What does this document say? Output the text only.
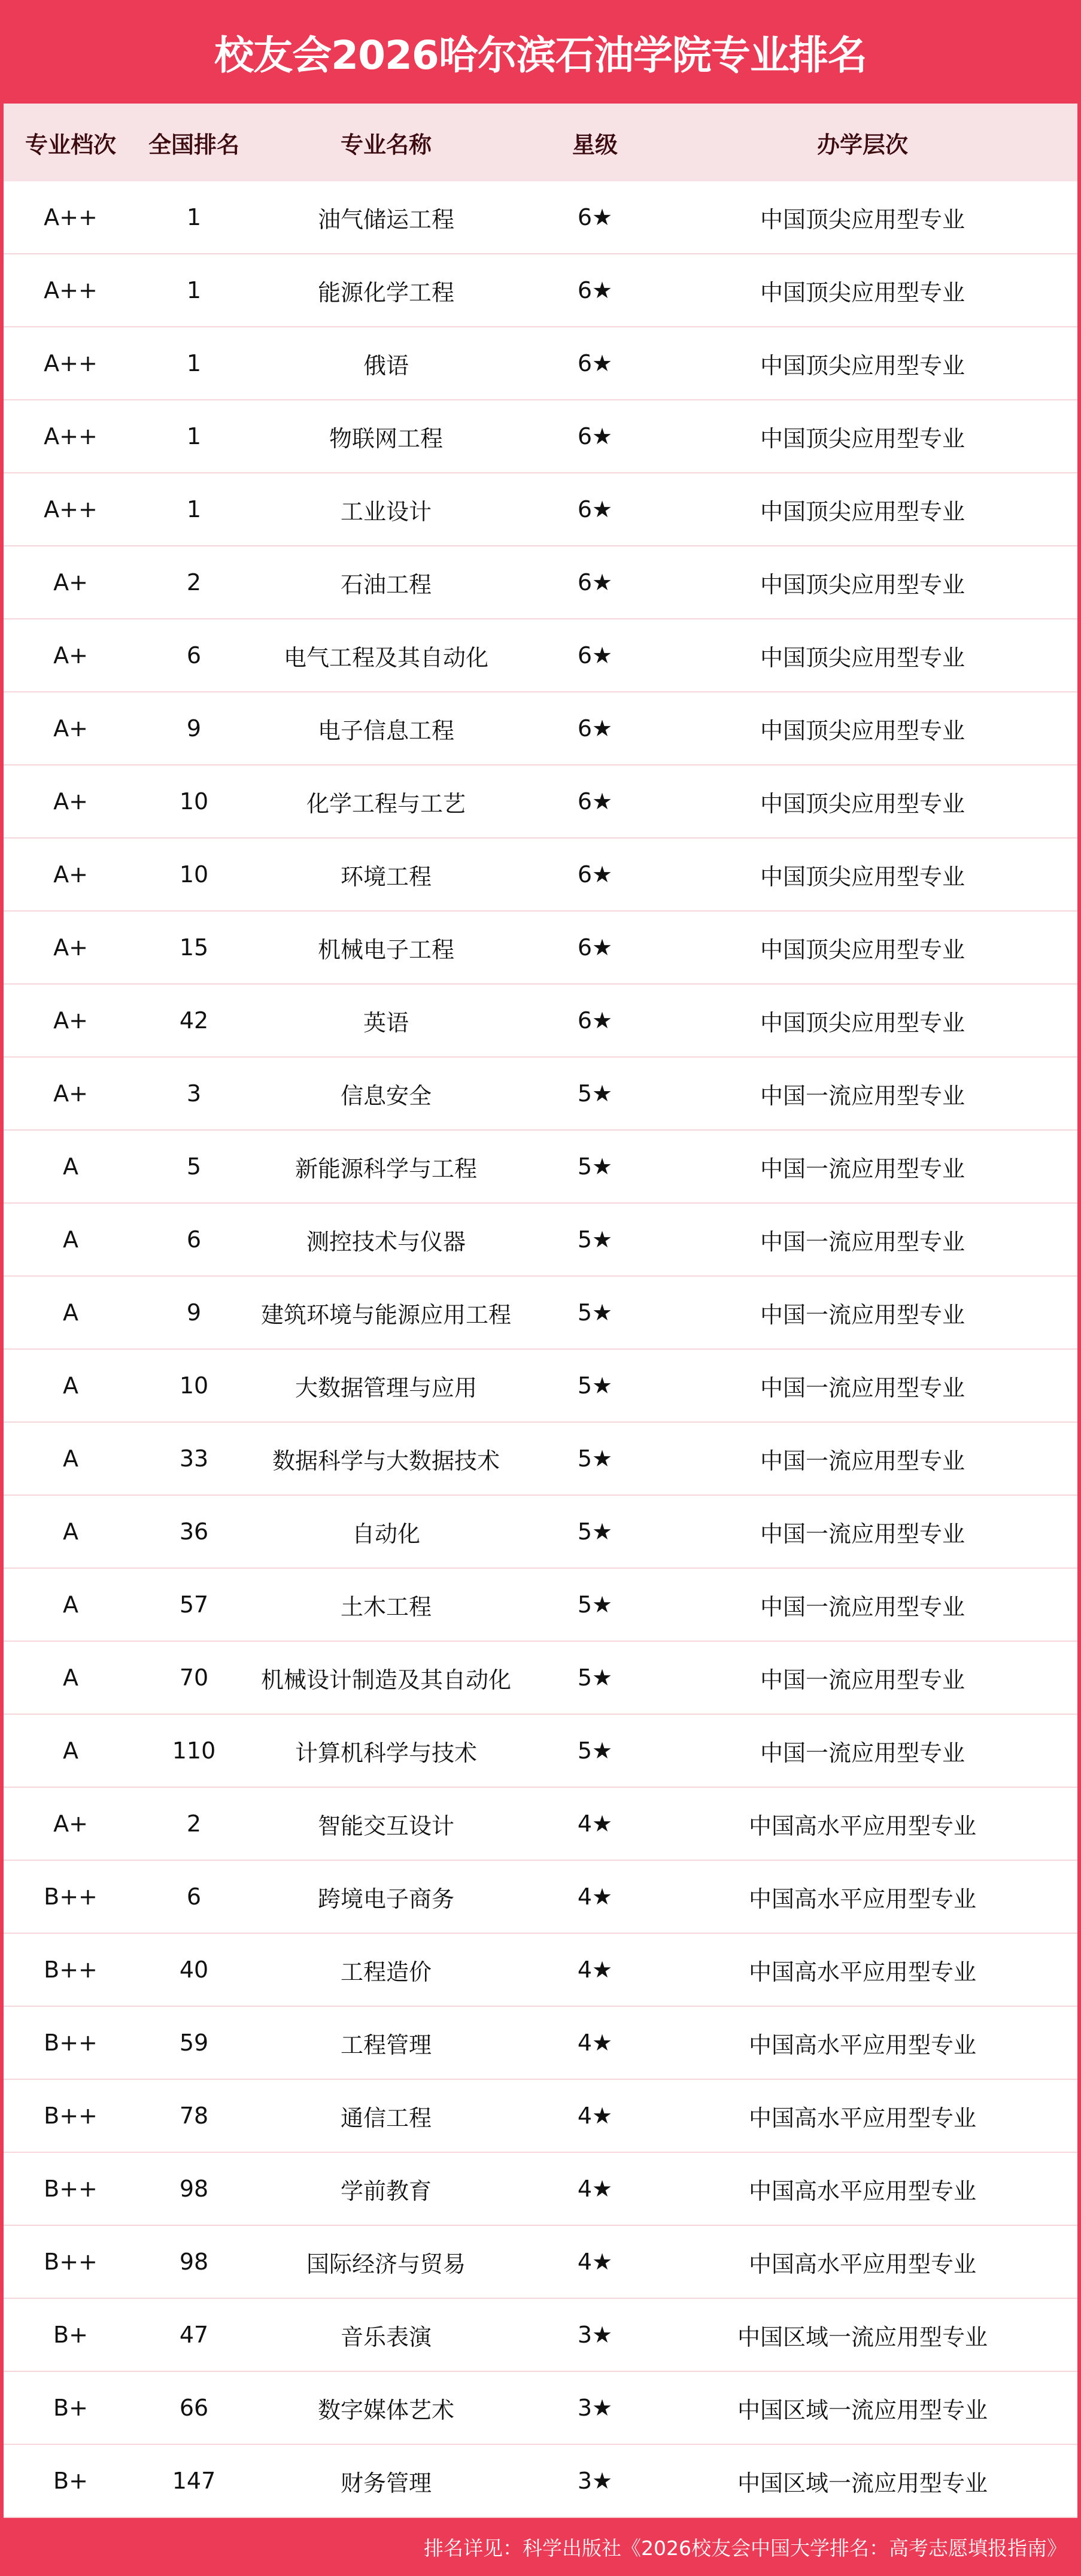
校友会2026哈尔滨石油学院专业排名
专业档次 全国排名	专业名称	星级	办学层次
A++	1	油气储运工程	6★	中国顶尖应用型专业
A++	1	能源化学工程	6★	中国顶尖应用型专业
A++	1	俄语	6★	中国顶尖应用型专业
A++	1	物联网工程	6★	中国顶尖应用型专业
A++	1	工业设计	6★	中国顶尖应用型专业
A+	2	石油工程	6★	中国顶尖应用型专业
A+	6	电气工程及其自动化	6★	中国顶尖应用型专业
A+	9	电子信息工程	6★	中国顶尖应用型专业
A+	10	化学工程与工艺	6★	中国顶尖应用型专业
A+	10	环境工程	6★	中国顶尖应用型专业
A+	15	机械电子工程	6★	中国顶尖应用型专业
A+	42	英语	6★	中国顶尖应用型专业
A+	3	信息安全	5★	中国一流应用型专业
A	5	新能源科学与工程	5★	中国一流应用型专业
A	6	测控技术与仪器	5★	中国一流应用型专业
A	9	建筑环境与能源应用工程	5★	中国一流应用型专业
A	10	大数据管理与应用	5★	中国一流应用型专业
A	33	数据科学与大数据技术	5★	中国一流应用型专业
A	36	自动化	5★	中国一流应用型专业
A	57	土木工程	5★	中国一流应用型专业
A	70 机械设计制造及其自动化	5★	中国一流应用型专业
A	110	计算机科学与技术	5★	中国一流应用型专业
A+	2	智能交互设计	4★	中国高水平应用型专业
B++	6	跨境电子商务	4★	中国高水平应用型专业
B++	40	工程造价	4★	中国高水平应用型专业
B++	59	工程管理	4★	中国高水平应用型专业
B++	78	通信工程	4★	中国高水平应用型专业
B++	98	学前教育	4★	中国高水平应用型专业
B++	98	国际经济与贸易	4★	中国高水平应用型专业
B+	47	音乐表演	3★	中国区域一流应用型专业
B+	66	数字媒体艺术	3★	中国区域一流应用型专业
B+	147	财务管理	3★	中国区域一流应用型专业
排名详见：科学出版社《2026校友会中国大学排名：高考志愿填报指南》
